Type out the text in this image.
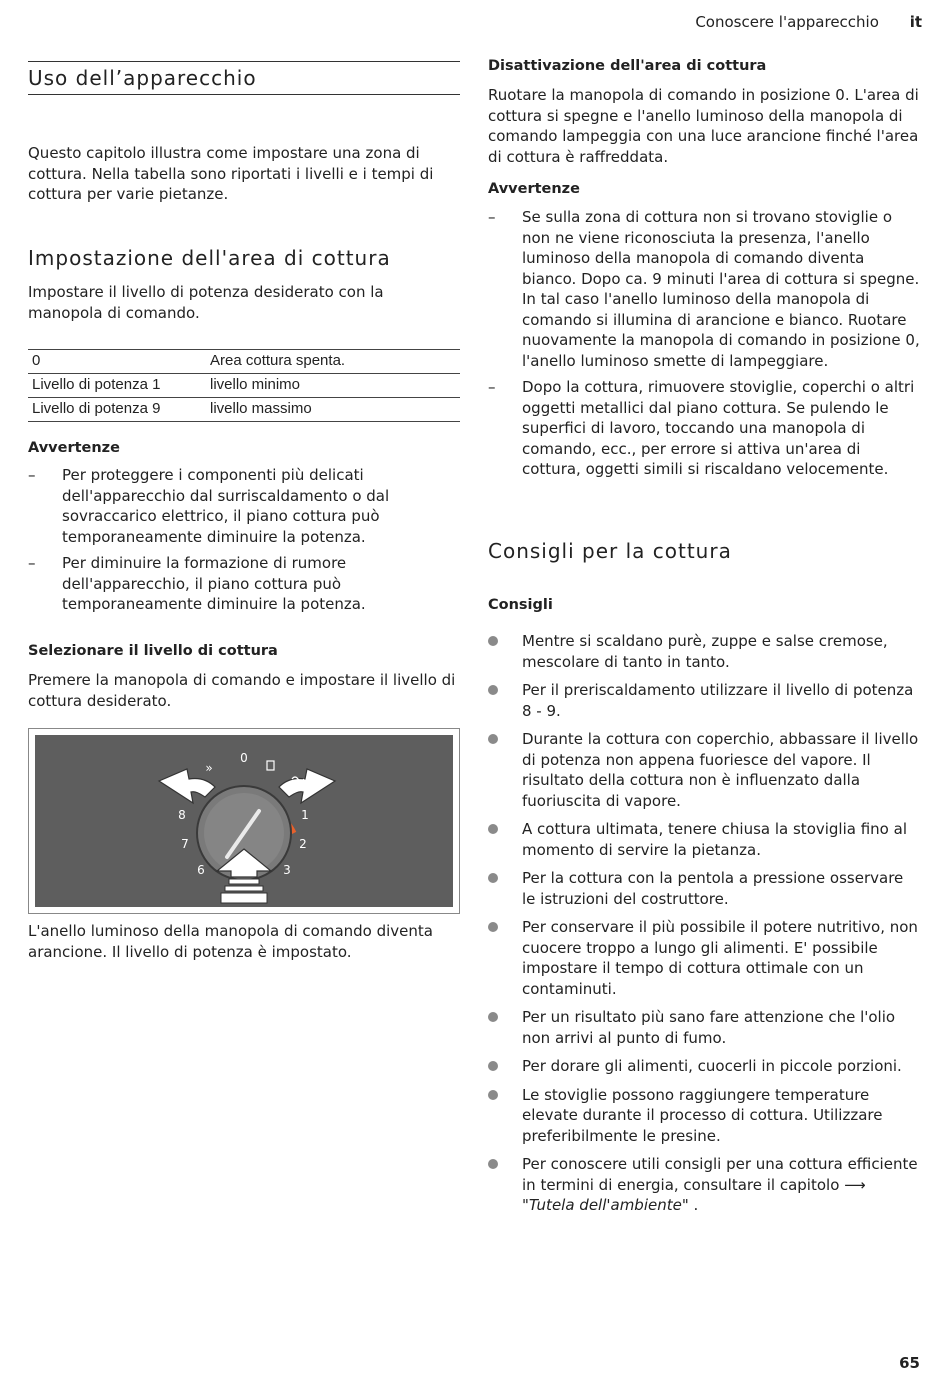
Conoscere l'apparecchio it
Uso dell’apparecchio

Questo capitolo illustra come impostare una zona di cottura. Nella tabella sono riportati i livelli e i tempi di cottura per varie pietanze.

Impostazione dell'area di cottura

Impostare il livello di potenza desiderato con la manopola di comando.

0	Area cottura spenta.
Livello di potenza 1	livello minimo
Livello di potenza 9	livello massimo
Avvertenze
– Per proteggere i componenti più delicati dell'apparecchio dal surriscaldamento o dal sovraccarico elettrico, il piano cottura può temporaneamente diminuire la potenza.
– Per diminuire la formazione di rumore dell'apparecchio, il piano cottura può temporaneamente diminuire la potenza.
Selezionare il livello di cottura

Premere la manopola di comando e impostare il livello di cottura desiderato.

»
0
1
2
3
6
7
8
9

L'anello luminoso della manopola di comando diventa arancione. Il livello di potenza è impostato.

Disattivazione dell'area di cottura

Ruotare la manopola di comando in posizione 0. L'area di cottura si spegne e l'anello luminoso della manopola di comando lampeggia con una luce arancione finché l'area di cottura è raffreddata.

Avvertenze
– Se sulla zona di cottura non si trovano stoviglie o non ne viene riconosciuta la presenza, l'anello luminoso della manopola di comando diventa bianco. Dopo ca. 9 minuti l'area di cottura si spegne.
In tal caso l'anello luminoso della manopola di comando si illumina di arancione e bianco. Ruotare nuovamente la manopola di comando in posizione 0, l'anello luminoso smette di lampeggiare.
– Dopo la cottura, rimuovere stoviglie, coperchi o altri oggetti metallici dal piano cottura. Se pulendo le superfici di lavoro, toccando una manopola di comando, ecc., per errore si attiva un'area di cottura, oggetti simili si riscaldano velocemente.
Consigli per la cottura
Consigli
Mentre si scaldano purè, zuppe e salse cremose, mescolare di tanto in tanto.
Per il preriscaldamento utilizzare il livello di potenza 8 - 9.
Durante la cottura con coperchio, abbassare il livello di potenza non appena fuoriesce del vapore. Il risultato della cottura non è influenzato dalla fuoriuscita di vapore.
A cottura ultimata, tenere chiusa la stoviglia fino al momento di servire la pietanza.
Per la cottura con la pentola a pressione osservare le istruzioni del costruttore.
Per conservare il più possibile il potere nutritivo, non cuocere troppo a lungo gli alimenti. E' possibile impostare il tempo di cottura ottimale con un contaminuti.
Per un risultato più sano fare attenzione che l'olio non arrivi al punto di fumo.
Per dorare gli alimenti, cuocerli in piccole porzioni.
Le stoviglie possono raggiungere temperature elevate durante il processo di cottura. Utilizzare preferibilmente le presine.
Per conoscere utili consigli per una cottura efficiente in termini di energia, consultare il capitolo ⟶ "Tutela dell'ambiente" .
65
